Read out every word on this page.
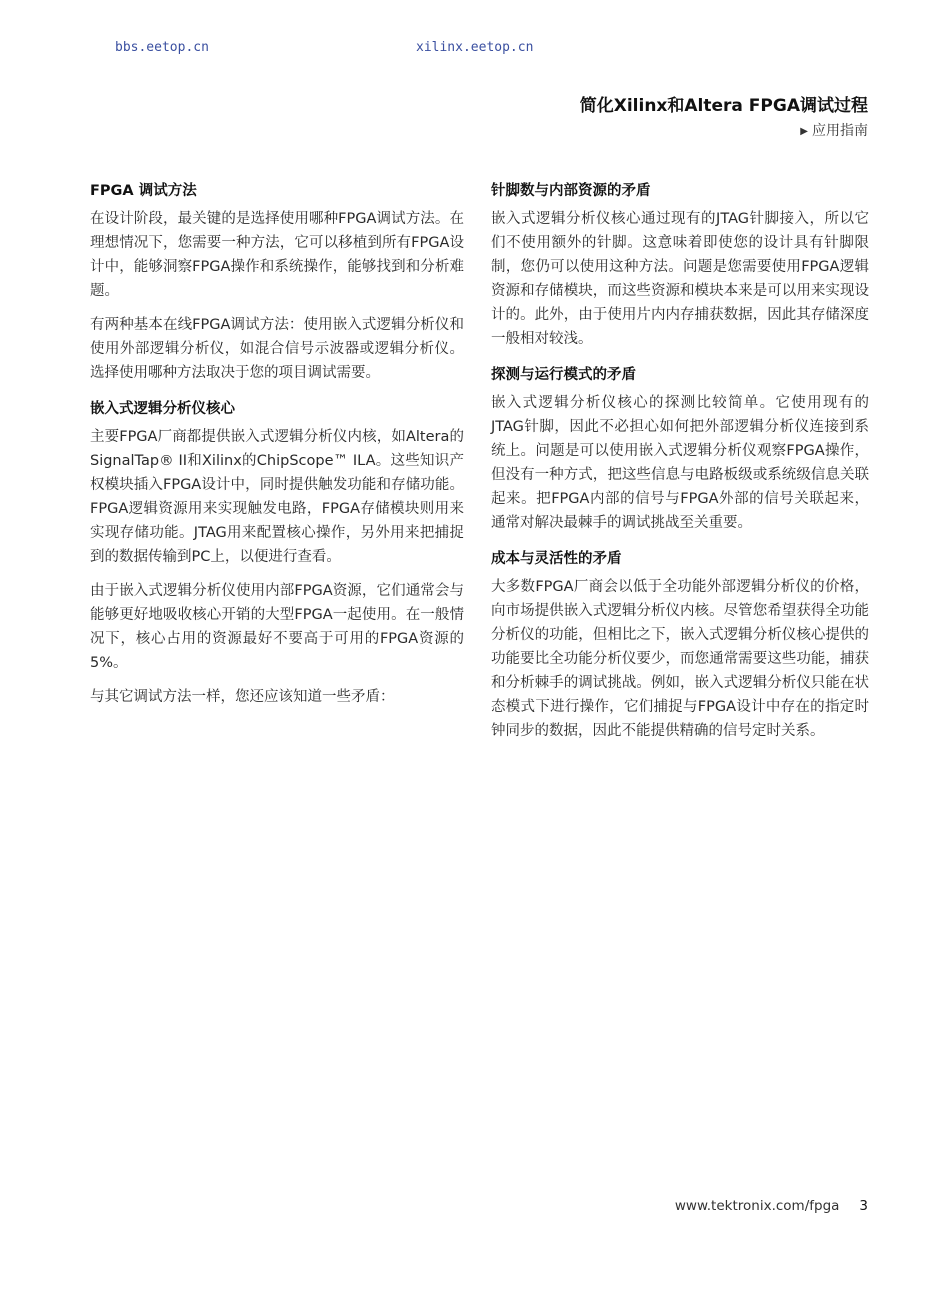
bbs.eetop.cn	xilinx.eetop.cn
简化Xilinx和Altera FPGA调试过程
▶ 应用指南
FPGA 调试方法

在设计阶段，最关键的是选择使用哪种FPGA调试方法。在理想情况下，您需要一种方法，它可以移植到所有FPGA设计中，能够洞察FPGA操作和系统操作，能够找到和分析难题。

有两种基本在线FPGA调试方法：使用嵌入式逻辑分析仪和使用外部逻辑分析仪，如混合信号示波器或逻辑分析仪。选择使用哪种方法取决于您的项目调试需要。

嵌入式逻辑分析仪核心

主要FPGA厂商都提供嵌入式逻辑分析仪内核，如Altera的SignalTap® II和Xilinx的ChipScope™ ILA。这些知识产权模块插入FPGA设计中，同时提供触发功能和存储功能。FPGA逻辑资源用来实现触发电路，FPGA存储模块则用来实现存储功能。JTAG用来配置核心操作，另外用来把捕捉到的数据传输到PC上，以便进行查看。

由于嵌入式逻辑分析仪使用内部FPGA资源，它们通常会与能够更好地吸收核心开销的大型FPGA一起使用。在一般情况下，核心占用的资源最好不要高于可用的FPGA资源的5%。

与其它调试方法一样，您还应该知道一些矛盾：

针脚数与内部资源的矛盾

嵌入式逻辑分析仪核心通过现有的JTAG针脚接入，所以它们不使用额外的针脚。这意味着即使您的设计具有针脚限制，您仍可以使用这种方法。问题是您需要使用FPGA逻辑资源和存储模块，而这些资源和模块本来是可以用来实现设计的。此外，由于使用片内内存捕获数据，因此其存储深度一般相对较浅。

探测与运行模式的矛盾

嵌入式逻辑分析仪核心的探测比较简单。它使用现有的JTAG针脚，因此不必担心如何把外部逻辑分析仪连接到系统上。问题是可以使用嵌入式逻辑分析仪观察FPGA操作，但没有一种方式，把这些信息与电路板级或系统级信息关联起来。把FPGA内部的信号与FPGA外部的信号关联起来，通常对解决最棘手的调试挑战至关重要。

成本与灵活性的矛盾

大多数FPGA厂商会以低于全功能外部逻辑分析仪的价格，向市场提供嵌入式逻辑分析仪内核。尽管您希望获得全功能分析仪的功能，但相比之下，嵌入式逻辑分析仪核心提供的功能要比全功能分析仪要少，而您通常需要这些功能，捕获和分析棘手的调试挑战。例如，嵌入式逻辑分析仪只能在状态模式下进行操作，它们捕捉与FPGA设计中存在的指定时钟同步的数据，因此不能提供精确的信号定时关系。

www.tektronix.com/fpga 3
